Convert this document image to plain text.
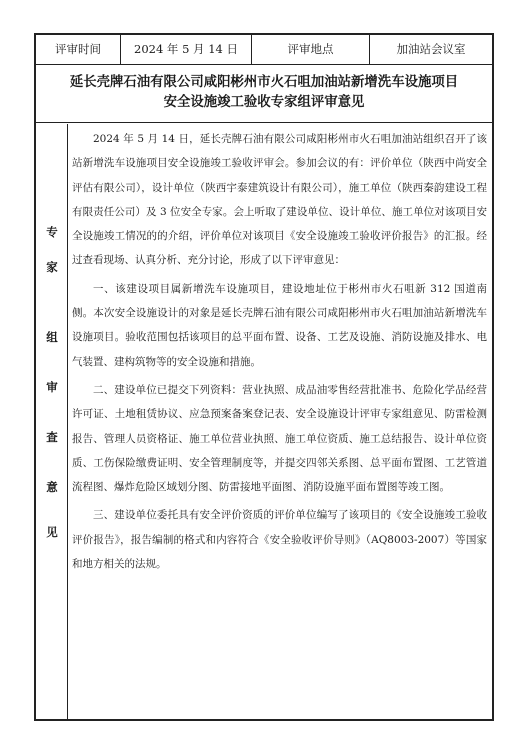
评审时间	2024 年 5 月 14 日	评审地点	加油站会议室
延长壳牌石油有限公司咸阳彬州市火石咀加油站新增洗车设施项目
安全设施竣工验收专家组评审意见
专
家
组
审
查
意
见

2024 年 5 月 14 日，延长壳牌石油有限公司咸阳彬州市火石咀加油站组织召开了该站新增洗车设施项目安全设施竣工验收评审会。参加会议的有：评价单位（陕西中尚安全评估有限公司），设计单位（陕西宇泰建筑设计有限公司），施工单位（陕西秦韵建设工程有限责任公司）及 3 位安全专家。会上听取了建设单位、设计单位、施工单位对该项目安全设施竣工情况的的介绍，评价单位对该项目《安全设施竣工验收评价报告》的汇报。经过查看现场、认真分析、充分讨论，形成了以下评审意见：

一、该建设项目属新增洗车设施项目，建设地址位于彬州市火石咀新 312 国道南侧。本次安全设施设计的对象是延长壳牌石油有限公司咸阳彬州市火石咀加油站新增洗车设施项目。验收范围包括该项目的总平面布置、设备、工艺及设施、消防设施及排水、电气装置、建构筑物等的安全设施和措施。

二、建设单位已提交下列资料：营业执照、成品油零售经营批准书、危险化学品经营许可证、土地租赁协议、应急预案备案登记表、安全设施设计评审专家组意见、防雷检测报告、管理人员资格证、施工单位营业执照、施工单位资质、施工总结报告、设计单位资质、工伤保险缴费证明、安全管理制度等，并提交四邻关系图、总平面布置图、工艺管道流程图、爆炸危险区域划分图、防雷接地平面图、消防设施平面布置图等竣工图。

三、建设单位委托具有安全评价资质的评价单位编写了该项目的《安全设施竣工验收评价报告》，报告编制的格式和内容符合《安全验收评价导则》（AQ8003-2007）等国家和地方相关的法规。
